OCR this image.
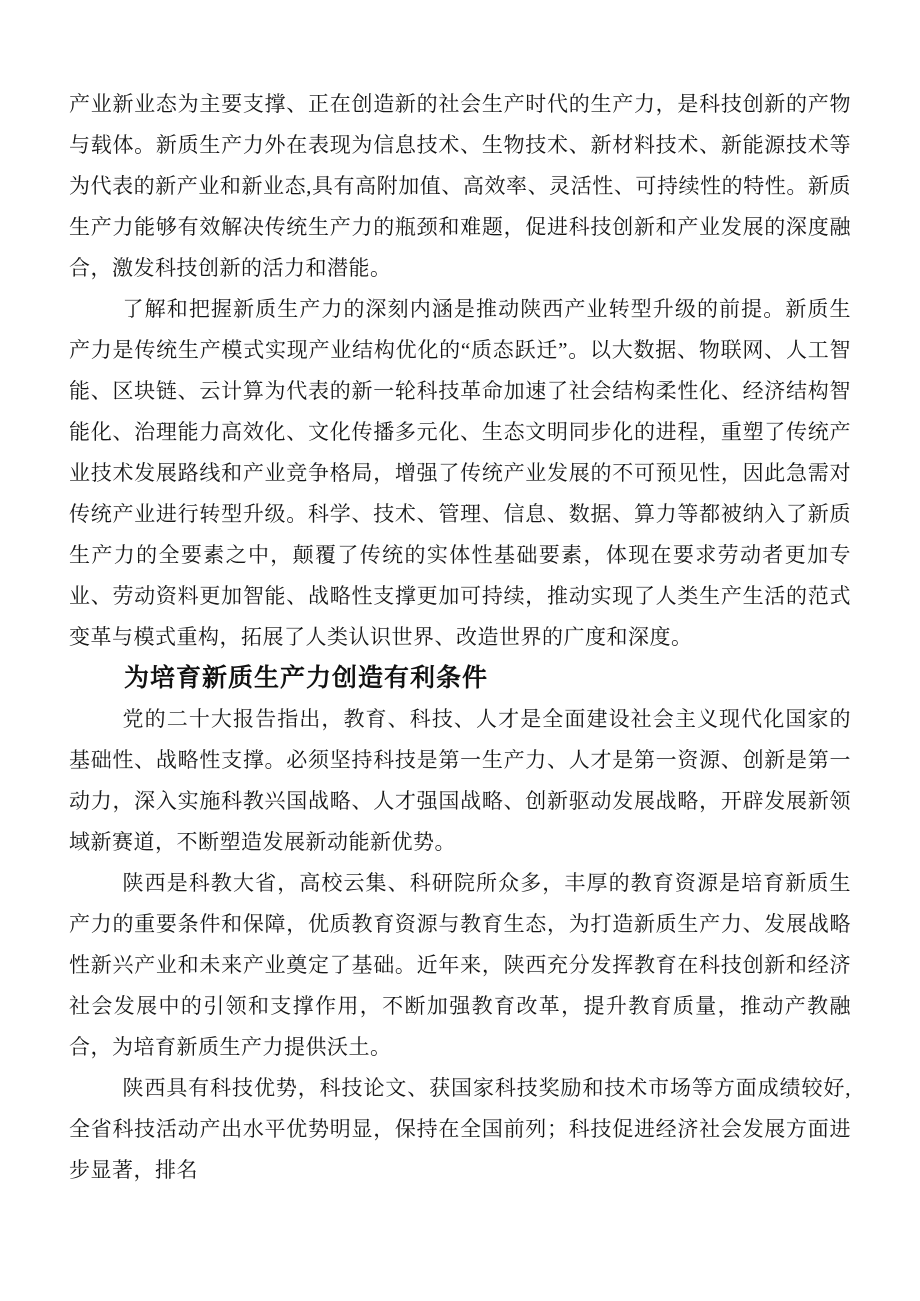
产业新业态为主要支撑、正在创造新的社会生产时代的生产力，是科技创新的产物与载体。新质生产力外在表现为信息技术、生物技术、新材料技术、新能源技术等为代表的新产业和新业态,具有高附加值、高效率、灵活性、可持续性的特性。新质生产力能够有效解决传统生产力的瓶颈和难题，促进科技创新和产业发展的深度融合，激发科技创新的活力和潜能。

了解和把握新质生产力的深刻内涵是推动陕西产业转型升级的前提。新质生产力是传统生产模式实现产业结构优化的“质态跃迁”。以大数据、物联网、人工智能、区块链、云计算为代表的新一轮科技革命加速了社会结构柔性化、经济结构智能化、治理能力高效化、文化传播多元化、生态文明同步化的进程，重塑了传统产业技术发展路线和产业竞争格局，增强了传统产业发展的不可预见性，因此急需对传统产业进行转型升级。科学、技术、管理、信息、数据、算力等都被纳入了新质生产力的全要素之中，颠覆了传统的实体性基础要素，体现在要求劳动者更加专业、劳动资料更加智能、战略性支撑更加可持续，推动实现了人类生产生活的范式变革与模式重构，拓展了人类认识世界、改造世界的广度和深度。

为培育新质生产力创造有利条件

党的二十大报告指出，教育、科技、人才是全面建设社会主义现代化国家的基础性、战略性支撑。必须坚持科技是第一生产力、人才是第一资源、创新是第一动力，深入实施科教兴国战略、人才强国战略、创新驱动发展战略，开辟发展新领域新赛道，不断塑造发展新动能新优势。

陕西是科教大省，高校云集、科研院所众多，丰厚的教育资源是培育新质生产力的重要条件和保障，优质教育资源与教育生态，为打造新质生产力、发展战略性新兴产业和未来产业奠定了基础。近年来，陕西充分发挥教育在科技创新和经济社会发展中的引领和支撑作用，不断加强教育改革，提升教育质量，推动产教融合，为培育新质生产力提供沃土。

陕西具有科技优势，科技论文、获国家科技奖励和技术市场等方面成绩较好,全省科技活动产出水平优势明显，保持在全国前列；科技促进经济社会发展方面进步显著，排名
